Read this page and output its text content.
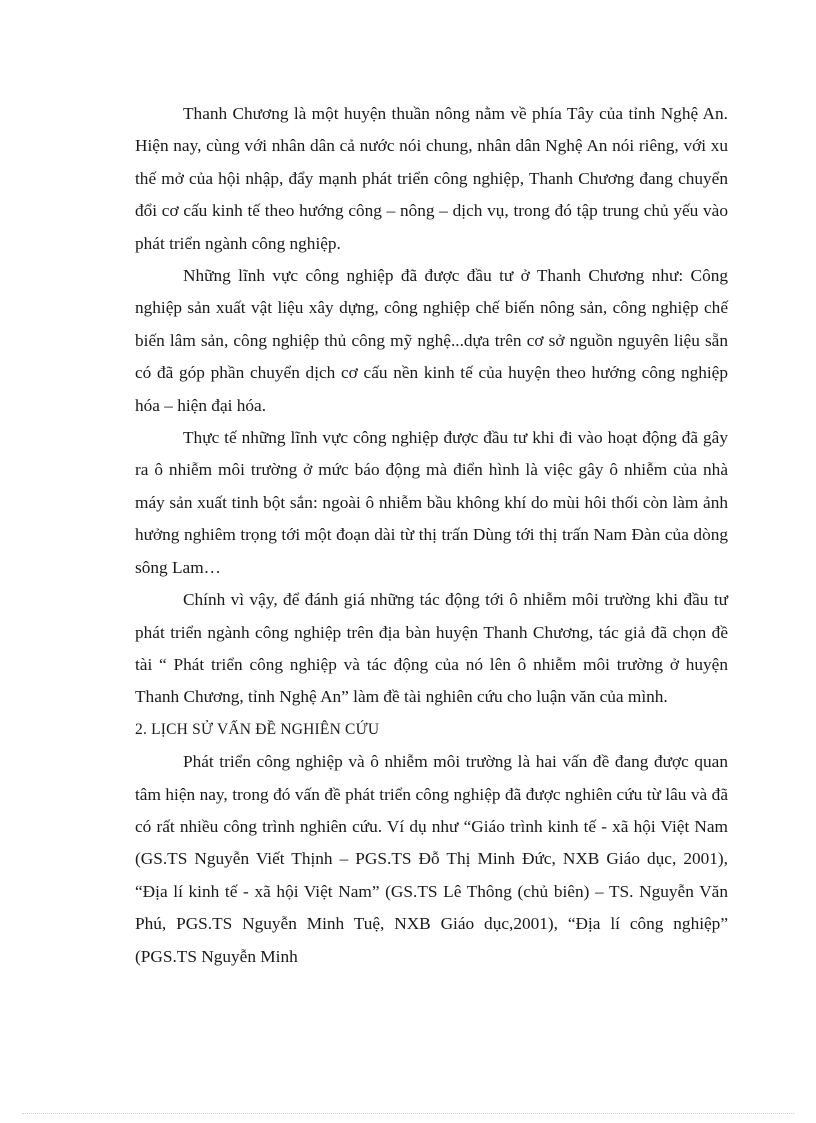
Thanh Chương là một huyện thuần nông nằm về phía Tây của tỉnh Nghệ An. Hiện nay, cùng với nhân dân cả nước nói chung, nhân dân Nghệ An nói riêng, với xu thế mở của hội nhập, đẩy mạnh phát triển công nghiệp, Thanh Chương đang chuyển đổi cơ cấu kinh tế theo hướng công – nông – dịch vụ, trong đó tập trung chủ yếu vào phát triển ngành công nghiệp.

Những lĩnh vực công nghiệp đã được đầu tư ở Thanh Chương như: Công nghiệp sản xuất vật liệu xây dựng, công nghiệp chế biến nông sản, công nghiệp chế biến lâm sản, công nghiệp thủ công mỹ nghệ...dựa trên cơ sở nguồn nguyên liệu sẵn có đã góp phần chuyển dịch cơ cấu nền kinh tế của huyện theo hướng công nghiệp hóa – hiện đại hóa.

Thực tế những lĩnh vực công nghiệp được đầu tư khi đi vào hoạt động đã gây ra ô nhiễm môi trường ở mức báo động mà điển hình là việc gây ô nhiễm của nhà máy sản xuất tinh bột sắn: ngoài ô nhiễm bầu không khí do mùi hôi thối còn làm ảnh hưởng nghiêm trọng tới một đoạn dài từ thị trấn Dùng tới thị trấn Nam Đàn của dòng sông Lam…

Chính vì vậy, để đánh giá những tác động tới ô nhiễm môi trường khi đầu tư phát triển ngành công nghiệp trên địa bàn huyện Thanh Chương, tác giả đã chọn đề tài “ Phát triển công nghiệp và tác động của nó lên ô nhiễm môi trường ở huyện Thanh Chương, tỉnh Nghệ An” làm đề tài nghiên cứu cho luận văn của mình.

2. LỊCH SỬ VẤN ĐỀ NGHIÊN CỨU

Phát triển công nghiệp và ô nhiễm môi trường là hai vấn đề đang được quan tâm hiện nay, trong đó vấn đề phát triển công nghiệp đã được nghiên cứu từ lâu và đã có rất nhiều công trình nghiên cứu. Ví dụ như “Giáo trình kinh tế - xã hội Việt Nam (GS.TS Nguyễn Viết Thịnh – PGS.TS Đỗ Thị Minh Đức, NXB Giáo dục, 2001), “Địa lí kinh tế - xã hội Việt Nam” (GS.TS Lê Thông (chủ biên) – TS. Nguyễn Văn Phú, PGS.TS Nguyễn Minh Tuệ, NXB Giáo dục,2001), “Địa lí công nghiệp” (PGS.TS Nguyễn Minh
